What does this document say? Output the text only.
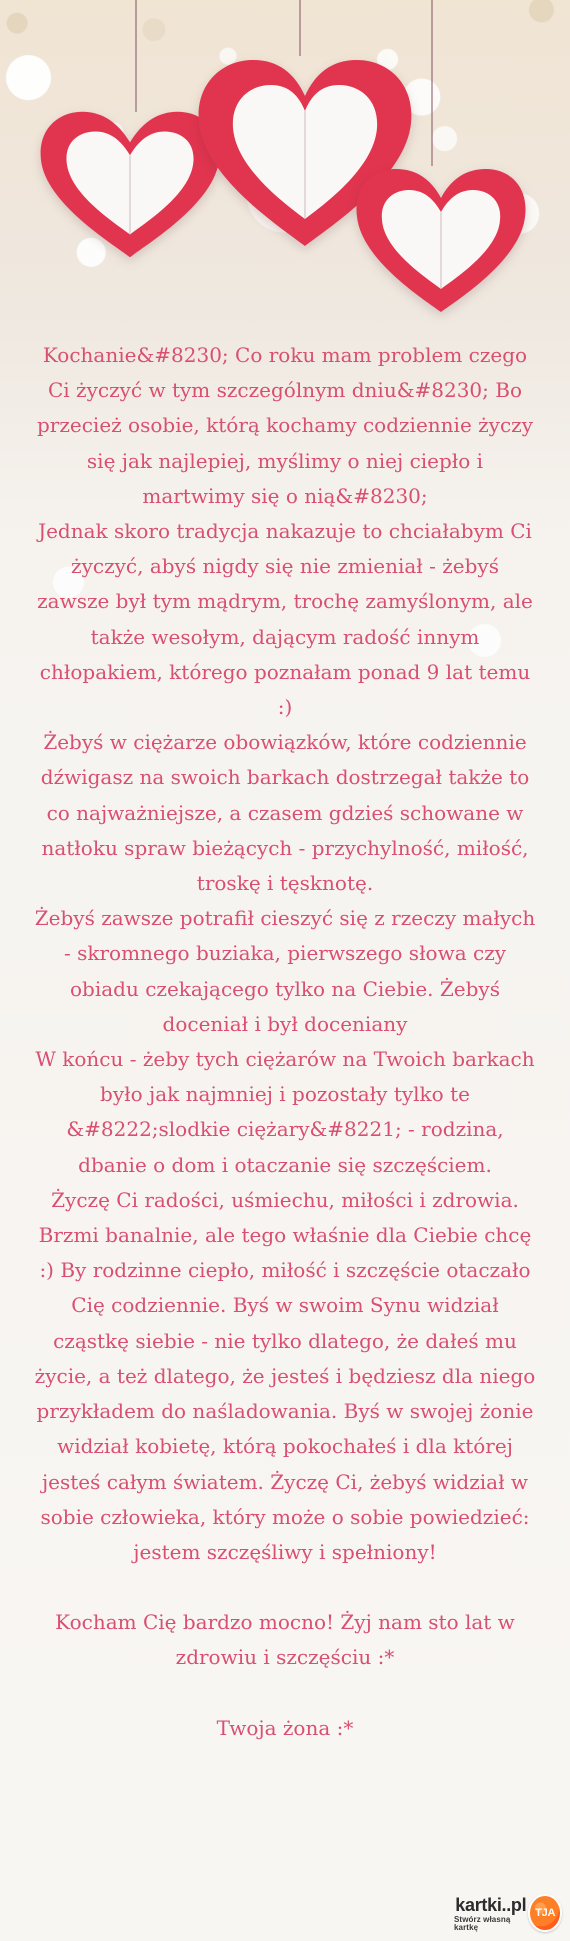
Kochanie&#8230; Co roku mam problem czego Ci życzyć w tym szczególnym dniu&#8230; Bo przecież osobie, którą kochamy codziennie życzy się jak najlepiej, myślimy o niej ciepło i martwimy się o nią&#8230;

Jednak skoro tradycja nakazuje to chciałabym Ci życzyć, abyś nigdy się nie zmieniał - żebyś zawsze był tym mądrym, trochę zamyślonym, ale także wesołym, dającym radość innym chłopakiem, którego poznałam ponad 9 lat temu :)

Żebyś w ciężarze obowiązków, które codziennie dźwigasz na swoich barkach dostrzegał także to co najważniejsze, a czasem gdzieś schowane w natłoku spraw bieżących - przychylność, miłość, troskę i tęsknotę.

Żebyś zawsze potrafił cieszyć się z rzeczy małych - skromnego buziaka, pierwszego słowa czy obiadu czekającego tylko na Ciebie. Żebyś doceniał i był doceniany

W końcu - żeby tych ciężarów na Twoich barkach było jak najmniej i pozostały tylko te &#8222;slodkie ciężary&#8221; - rodzina, dbanie o dom i otaczanie się szczęściem.

Życzę Ci radości, uśmiechu, miłości i zdrowia. Brzmi banalnie, ale tego właśnie dla Ciebie chcę :) By rodzinne ciepło, miłość i szczęście otaczało Cię codziennie. Byś w swoim Synu widział cząstkę siebie - nie tylko dlatego, że dałeś mu życie, a też dlatego, że jesteś i będziesz dla niego przykładem do naśladowania. Byś w swojej żonie widział kobietę, którą pokochałeś i dla której jesteś całym światem. Życzę Ci, żebyś widział w sobie człowieka, który może o sobie powiedzieć: jestem szczęśliwy i spełniony!

Kocham Cię bardzo mocno! Żyj nam sto lat w zdrowiu i szczęściu :*

Twoja żona :*

kartki..pl
Stwórz własną kartkę
TJA
